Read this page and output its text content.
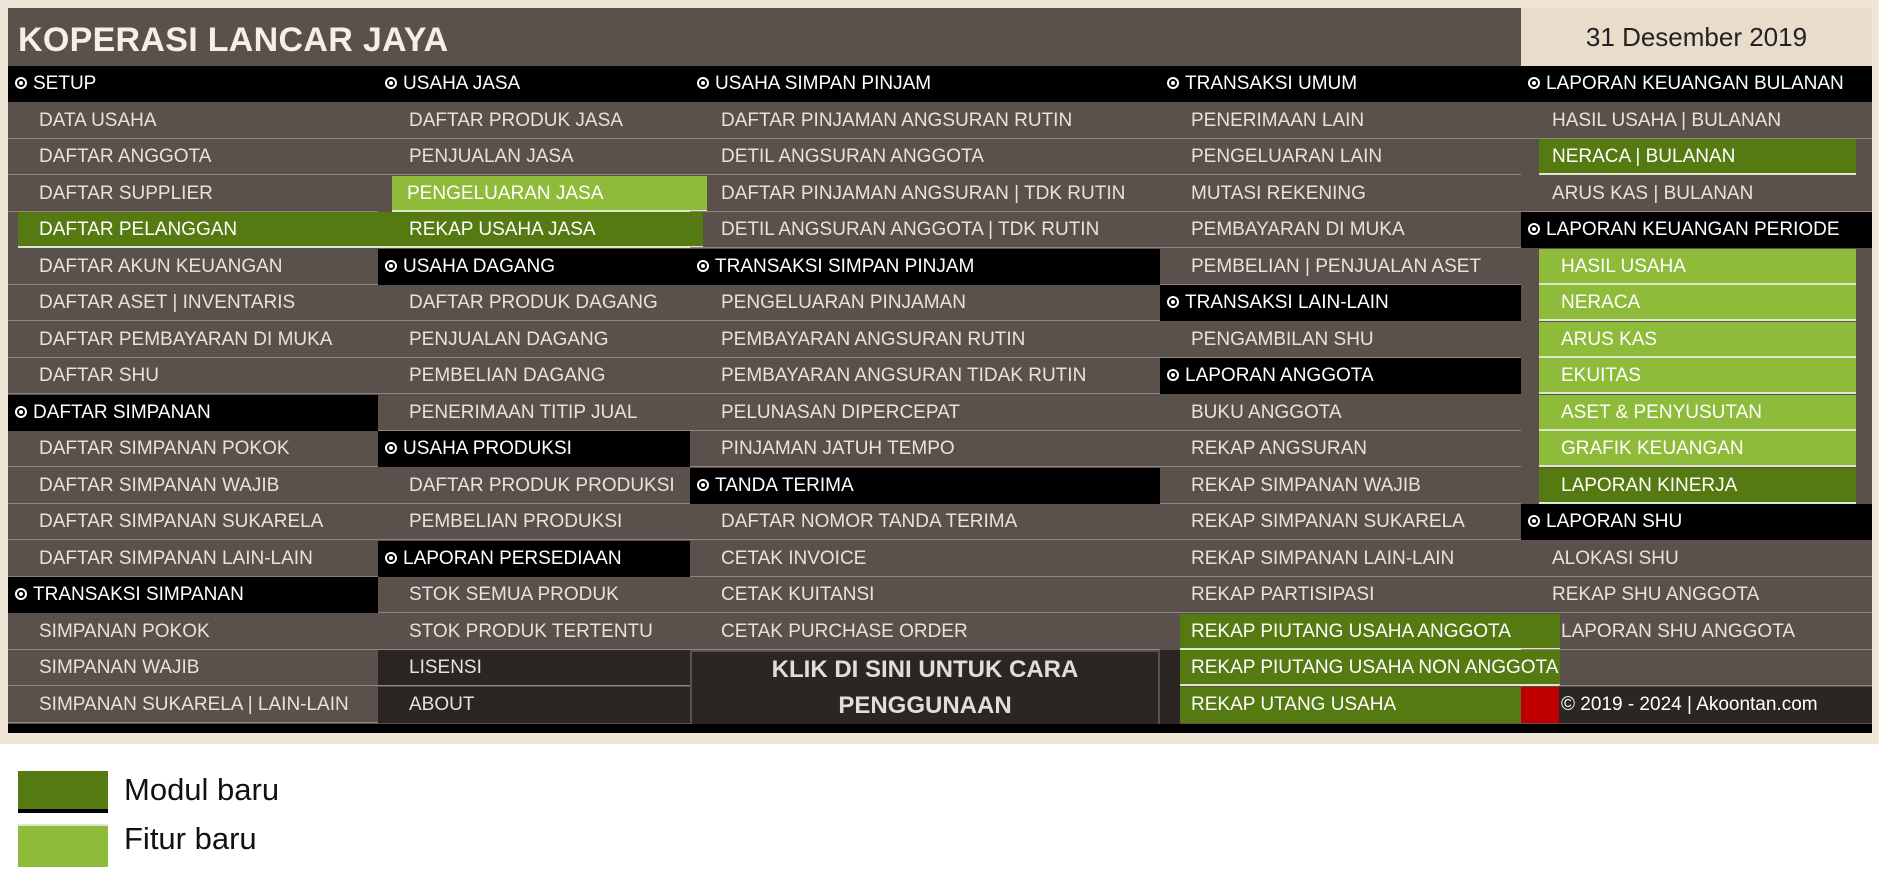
KOPERASI LANCAR JAYA	31 Desember 2019
SETUP
DATA USAHA
DAFTAR ANGGOTA
DAFTAR SUPPLIER
DAFTAR PELANGGAN
DAFTAR AKUN KEUANGAN
DAFTAR ASET | INVENTARIS
DAFTAR PEMBAYARAN DI MUKA
DAFTAR SHU
DAFTAR SIMPANAN
DAFTAR SIMPANAN POKOK
DAFTAR SIMPANAN WAJIB
DAFTAR SIMPANAN SUKARELA
DAFTAR SIMPANAN LAIN-LAIN
TRANSAKSI SIMPANAN
SIMPANAN POKOK
SIMPANAN WAJIB
SIMPANAN SUKARELA | LAIN-LAIN
USAHA JASA
DAFTAR PRODUK JASA
PENJUALAN JASA
PENGELUARAN JASA
REKAP USAHA JASA
USAHA DAGANG
DAFTAR PRODUK DAGANG
PENJUALAN DAGANG
PEMBELIAN DAGANG
PENERIMAAN TITIP JUAL
USAHA PRODUKSI
DAFTAR PRODUK PRODUKSI
PEMBELIAN PRODUKSI
LAPORAN PERSEDIAAN
STOK SEMUA PRODUK
STOK PRODUK TERTENTU
LISENSI
ABOUT
USAHA SIMPAN PINJAM
DAFTAR PINJAMAN ANGSURAN RUTIN
DETIL ANGSURAN ANGGOTA
DAFTAR PINJAMAN ANGSURAN | TDK RUTIN
DETIL ANGSURAN ANGGOTA | TDK RUTIN
TRANSAKSI SIMPAN PINJAM
PENGELUARAN PINJAMAN
PEMBAYARAN ANGSURAN RUTIN
PEMBAYARAN ANGSURAN TIDAK RUTIN
PELUNASAN DIPERCEPAT
PINJAMAN JATUH TEMPO
TANDA TERIMA
DAFTAR NOMOR TANDA TERIMA
CETAK INVOICE
CETAK KUITANSI
CETAK PURCHASE ORDER
KLIK DI SINI UNTUK CARA
PENGGUNAAN
TRANSAKSI UMUM
PENERIMAAN LAIN
PENGELUARAN LAIN
MUTASI REKENING
PEMBAYARAN DI MUKA
PEMBELIAN | PENJUALAN ASET
TRANSAKSI LAIN-LAIN
PENGAMBILAN SHU
LAPORAN ANGGOTA
BUKU ANGGOTA
REKAP ANGSURAN
REKAP SIMPANAN WAJIB
REKAP SIMPANAN SUKARELA
REKAP SIMPANAN LAIN-LAIN
REKAP PARTISIPASI
REKAP PIUTANG USAHA ANGGOTA
REKAP PIUTANG USAHA NON ANGGOTA
REKAP UTANG USAHA
LAPORAN KEUANGAN BULANAN
HASIL USAHA | BULANAN
NERACA | BULANAN
ARUS KAS | BULANAN
LAPORAN KEUANGAN PERIODE
HASIL USAHA
NERACA
ARUS KAS
EKUITAS
ASET & PENYUSUTAN
GRAFIK KEUANGAN
LAPORAN KINERJA
LAPORAN SHU
ALOKASI SHU
REKAP SHU ANGGOTA
LAPORAN SHU ANGGOTA
© 2019 - 2024 | Akoontan.com
Modul baru
Fitur baru
